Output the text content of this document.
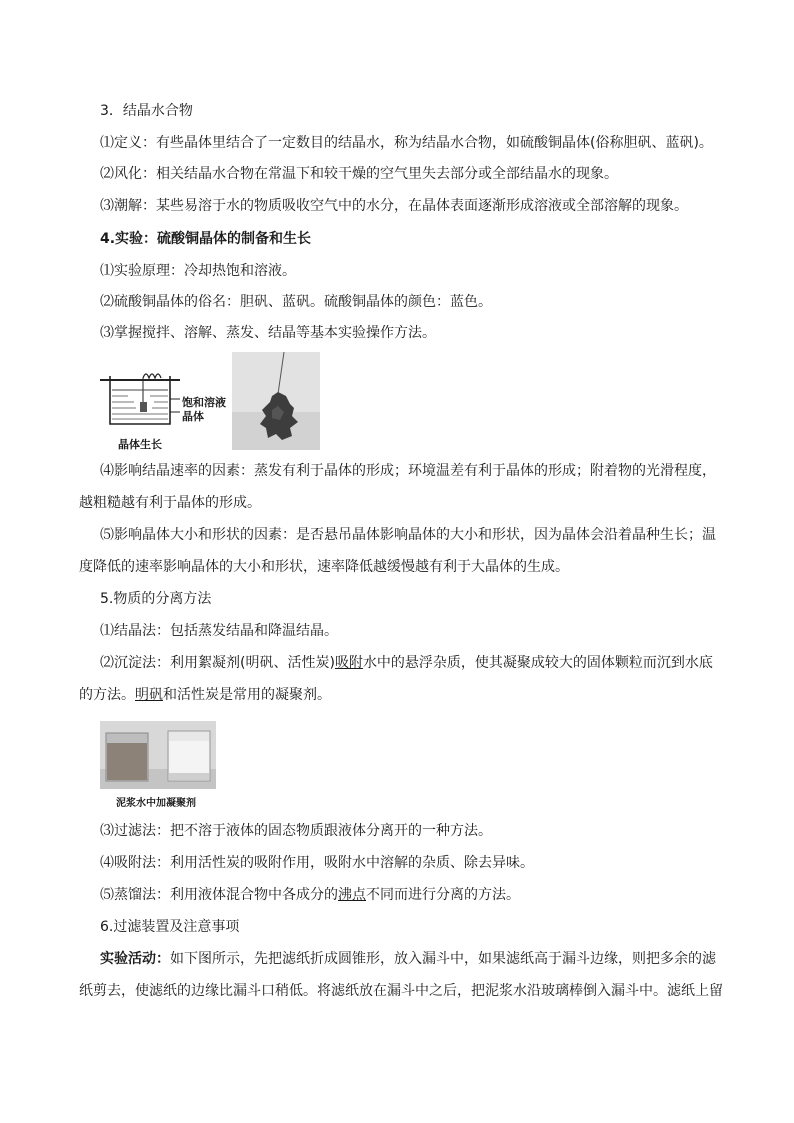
3．结晶水合物
⑴定义：有些晶体里结合了一定数目的结晶水，称为结晶水合物，如硫酸铜晶体(俗称胆矾、蓝矾)。
⑵风化：相关结晶水合物在常温下和较干燥的空气里失去部分或全部结晶水的现象。
⑶潮解：某些易溶于水的物质吸收空气中的水分，在晶体表面逐渐形成溶液或全部溶解的现象。
4.实验：硫酸铜晶体的制备和生长
⑴实验原理：冷却热饱和溶液。
⑵硫酸铜晶体的俗名：胆矾、蓝矾。硫酸铜晶体的颜色：蓝色。
⑶掌握搅拌、溶解、蒸发、结晶等基本实验操作方法。
饱和溶液
晶体
晶体生长
⑷影响结晶速率的因素：蒸发有利于晶体的形成；环境温差有利于晶体的形成；附着物的光滑程度，
越粗糙越有利于晶体的形成。
⑸影响晶体大小和形状的因素：是否悬吊晶体影响晶体的大小和形状，因为晶体会沿着晶种生长；温
度降低的速率影响晶体的大小和形状，速率降低越缓慢越有利于大晶体的生成。
5.物质的分离方法
⑴结晶法：包括蒸发结晶和降温结晶。
⑵沉淀法：利用絮凝剂(明矾、活性炭)吸附水中的悬浮杂质，使其凝聚成较大的固体颗粒而沉到水底
的方法。明矾和活性炭是常用的凝聚剂。
泥浆水中加凝聚剂
⑶过滤法：把不溶于液体的固态物质跟液体分离开的一种方法。
⑷吸附法：利用活性炭的吸附作用，吸附水中溶解的杂质、除去异味。
⑸蒸馏法：利用液体混合物中各成分的沸点不同而进行分离的方法。
6.过滤装置及注意事项
实验活动：如下图所示，先把滤纸折成圆锥形，放入漏斗中，如果滤纸高于漏斗边缘，则把多余的滤
纸剪去，使滤纸的边缘比漏斗口稍低。将滤纸放在漏斗中之后，把泥浆水沿玻璃棒倒入漏斗中。滤纸上留
